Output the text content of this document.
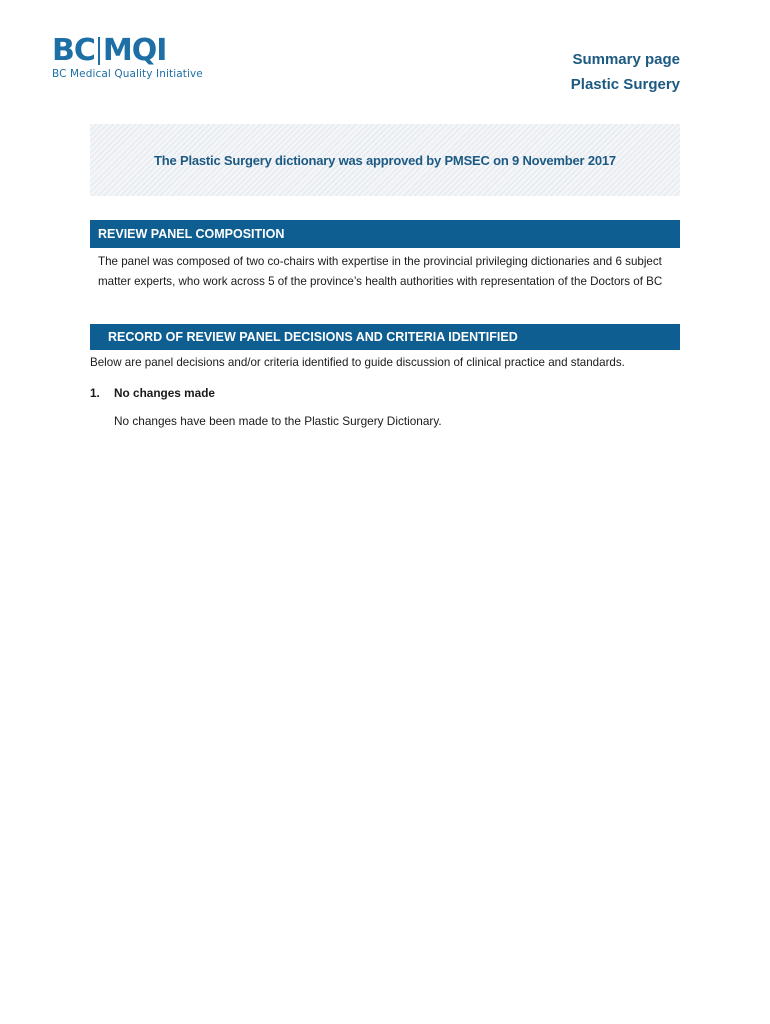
BC MQI
BC Medical Quality Initiative
Summary page
Plastic Surgery
The Plastic Surgery dictionary was approved by PMSEC on 9 November 2017
REVIEW PANEL COMPOSITION
The panel was composed of two co-chairs with expertise in the provincial privileging dictionaries and 6 subject matter experts, who work across 5 of the province’s health authorities with representation of the Doctors of BC
RECORD OF REVIEW PANEL DECISIONS AND CRITERIA IDENTIFIED
Below are panel decisions and/or criteria identified to guide discussion of clinical practice and standards.
1. No changes made
No changes have been made to the Plastic Surgery Dictionary.
